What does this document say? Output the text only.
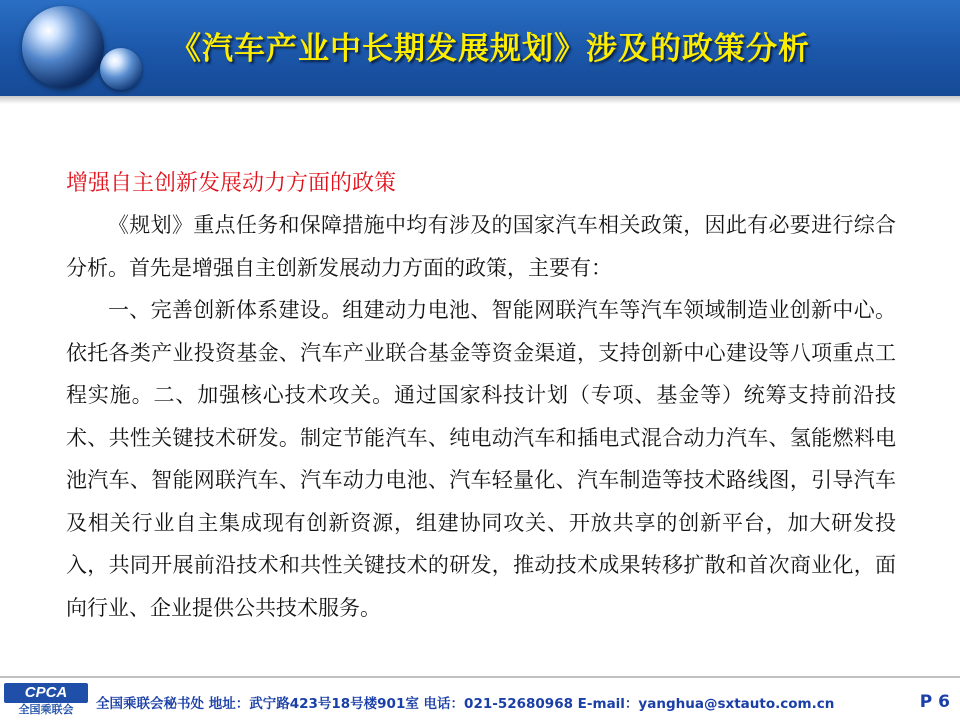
《汽车产业中长期发展规划》涉及的政策分析
增强自主创新发展动力方面的政策

《规划》重点任务和保障措施中均有涉及的国家汽车相关政策，因此有必要进行综合分析。首先是增强自主创新发展动力方面的政策，主要有：

一、完善创新体系建设。组建动力电池、智能网联汽车等汽车领域制造业创新中心。依托各类产业投资基金、汽车产业联合基金等资金渠道，支持创新中心建设等八项重点工程实施。二、加强核心技术攻关。通过国家科技计划（专项、基金等）统筹支持前沿技术、共性关键技术研发。制定节能汽车、纯电动汽车和插电式混合动力汽车、氢能燃料电池汽车、智能网联汽车、汽车动力电池、汽车轻量化、汽车制造等技术路线图，引导汽车及相关行业自主集成现有创新资源，组建协同攻关、开放共享的创新平台，加大研发投入，共同开展前沿技术和共性关键技术的研发，推动技术成果转移扩散和首次商业化，面向行业、企业提供公共技术服务。

CPCA
全国乘联会	全国乘联会秘书处 地址：武宁路423号18号楼901室 电话：021-52680968 E-mail：yanghua@sxtauto.com.cn	P 6
